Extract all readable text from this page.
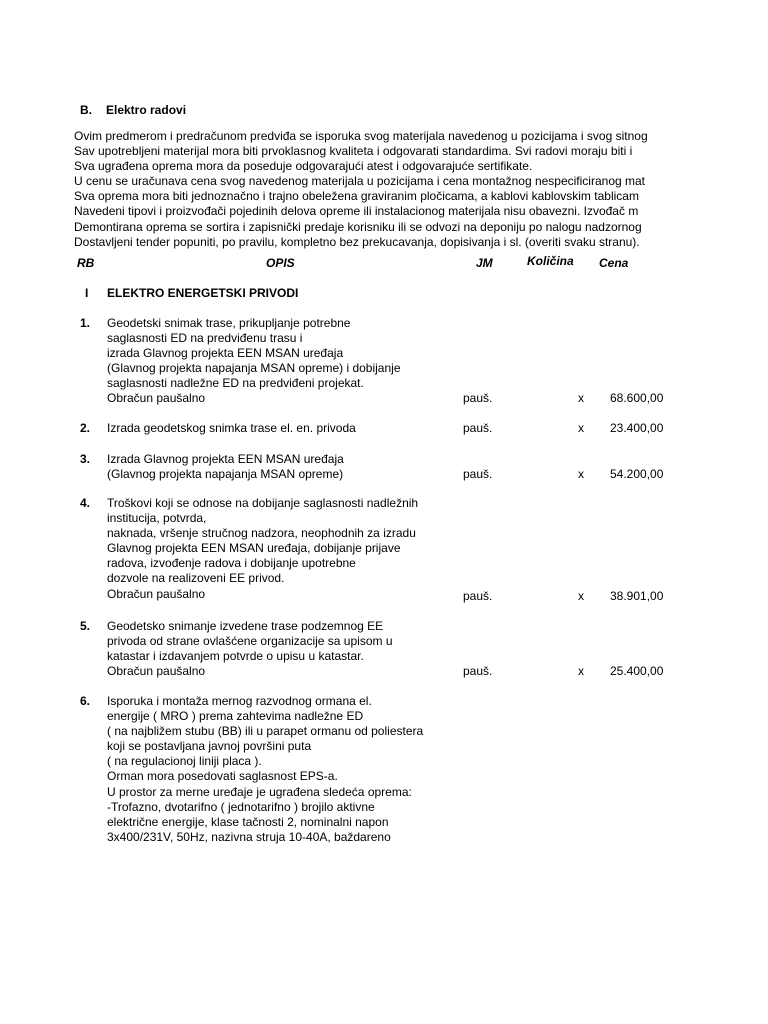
B. Elektro radovi
Ovim predmerom i predračunom predviđa se isporuka svog materijala navedenog u pozicijama i svog sitnog
Sav upotrebljeni materijal mora biti prvoklasnog kvaliteta i odgovarati standardima. Svi radovi moraju biti i
Sva ugrađena oprema mora da poseduje odgovarajući atest i odgovarajuće sertifikate.
U cenu se uračunava cena svog navedenog materijala u pozicijama i cena montažnog nespecificiranog mat
Sva oprema mora biti jednoznačno i trajno obeležena graviranim pločicama, a kablovi kablovskim tablicam
Navedeni tipovi i proizvođači pojedinih delova opreme ili instalacionog materijala nisu obavezni. Izvođač m
Demontirana oprema se sortira i zapisnički predaje korisniku ili se odvozi na deponiju po nalogu nadzornog
Dostavljeni tender popuniti, po pravilu, kompletno bez prekucavanja, dopisivanja i sl. (overiti svaku stranu).
RB	OPIS	JM	Količina Cena
I ELEKTRO ENERGETSKI PRIVODI
1. Geodetski snimak trase, prikupljanje potrebne
saglasnosti ED na predviđenu trasu i
izrada Glavnog projekta EEN MSAN uređaja
(Glavnog projekta napajanja MSAN opreme) i dobijanje
saglasnosti nadležne ED na predviđeni projekat.
Obračun paušalno	pauš.	x 68.600,00
2. Izrada geodetskog snimka trase el. en. privoda	pauš.	x 23.400,00
3. Izrada Glavnog projekta EEN MSAN uređaja
(Glavnog projekta napajanja MSAN opreme)	pauš.	x 54.200,00
4. Troškovi koji se odnose na dobijanje saglasnosti nadležnih
institucija, potvrda,
naknada, vršenje stručnog nadzora, neophodnih za izradu
Glavnog projekta EEN MSAN uređaja, dobijanje prijave
radova, izvođenje radova i dobijanje upotrebne
dozvole na realizoveni EE privod.
Obračun paušalno	pauš.	x 38.901,00
5. Geodetsko snimanje izvedene trase podzemnog EE
privoda od strane ovlašćene organizacije sa upisom u
katastar i izdavanjem potvrde o upisu u katastar.
Obračun paušalno	pauš.	x 25.400,00
6. Isporuka i montaža mernog razvodnog ormana el.
energije ( MRO ) prema zahtevima nadležne ED
( na najbližem stubu (BB) ili u parapet ormanu od poliestera
koji se postavljana javnoj površini puta
( na regulacionoj liniji placa ).
Orman mora posedovati saglasnost EPS-a.
U prostor za merne uređaje je ugrađena sledeća oprema:
-Trofazno, dvotarifno ( jednotarifno ) brojilo aktivne
električne energije, klase tačnosti 2, nominalni napon
3x400/231V, 50Hz, nazivna struja 10-40A, baždareno
